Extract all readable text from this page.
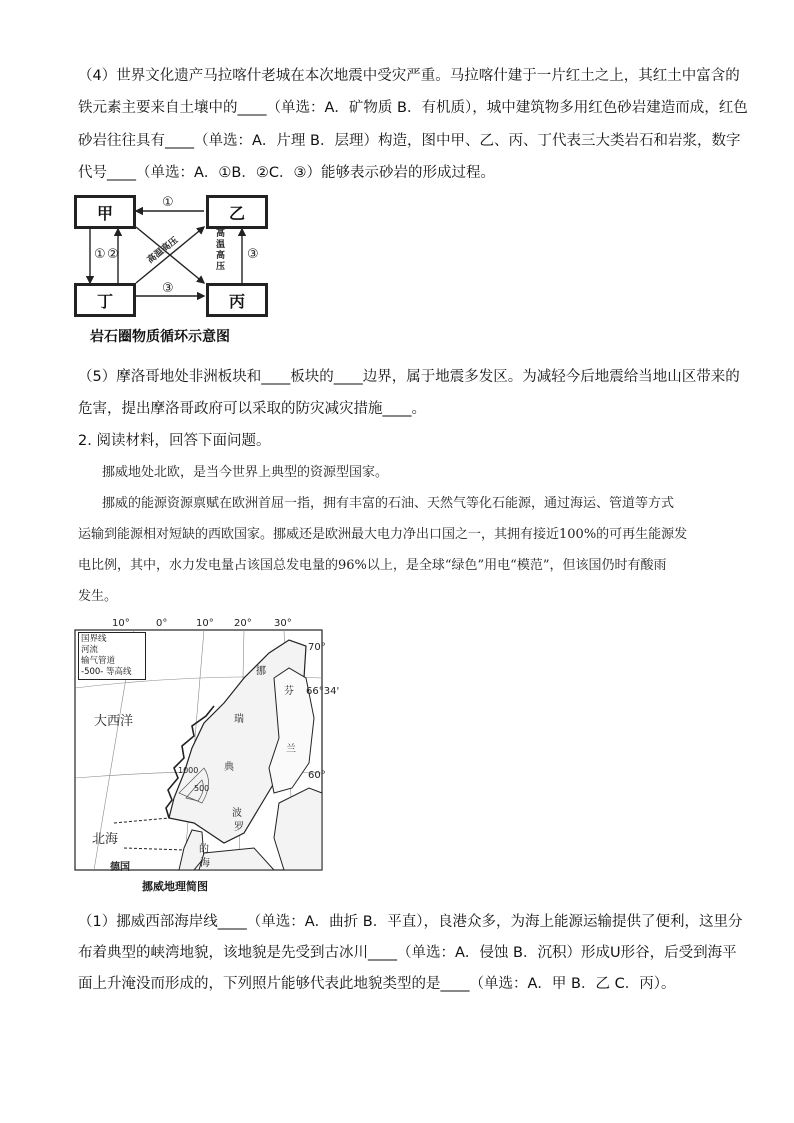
（4）世界文化遗产马拉喀什老城在本次地震中受灾严重。马拉喀什建于一片红土之上，其红土中富含的
铁元素主要来自土壤中的____（单选：A．矿物质 B．有机质），城中建筑物多用红色砂岩建造而成，红色
砂岩往往具有____（单选：A．片理 B．层理）构造，图中甲、乙、丙、丁代表三大类岩石和岩浆，数字
代号____（单选：A．①B．②C．③）能够表示砂岩的形成过程。
甲	乙
丁	丙
①
① ②	③
③
高温高压
高温高压
岩石圈物质循环示意图
（5）摩洛哥地处非洲板块和____板块的____边界，属于地震多发区。为减轻今后地震给当地山区带来的
危害，提出摩洛哥政府可以采取的防灾减灾措施____。
2. 阅读材料，回答下面问题。
挪威地处北欧，是当今世界上典型的资源型国家。
挪威的能源资源禀赋在欧洲首屈一指，拥有丰富的石油、天然气等化石能源，通过海运、管道等方式
运输到能源相对短缺的西欧国家。挪威还是欧洲最大电力净出口国之一，其拥有接近100%的可再生能源发
电比例，其中，水力发电量占该国总发电量的96%以上，是全球“绿色”用电“模范”，但该国仍时有酸雨
发生。
10°	0°	10° 20° 30°
70°
66°34'
60°
国界线
河流
输气管道
-500- 等高线
大西洋
北海
挪
瑞
典
芬
兰
波
罗
的
海
德国
1000
500
挪威地理简图
（1）挪威西部海岸线____（单选：A．曲折 B．平直），良港众多，为海上能源运输提供了便利，这里分
布着典型的峡湾地貌，该地貌是先受到古冰川____（单选：A．侵蚀 B．沉积）形成U形谷，后受到海平
面上升淹没而形成的，下列照片能够代表此地貌类型的是____（单选：A．甲 B．乙 C．丙）。
